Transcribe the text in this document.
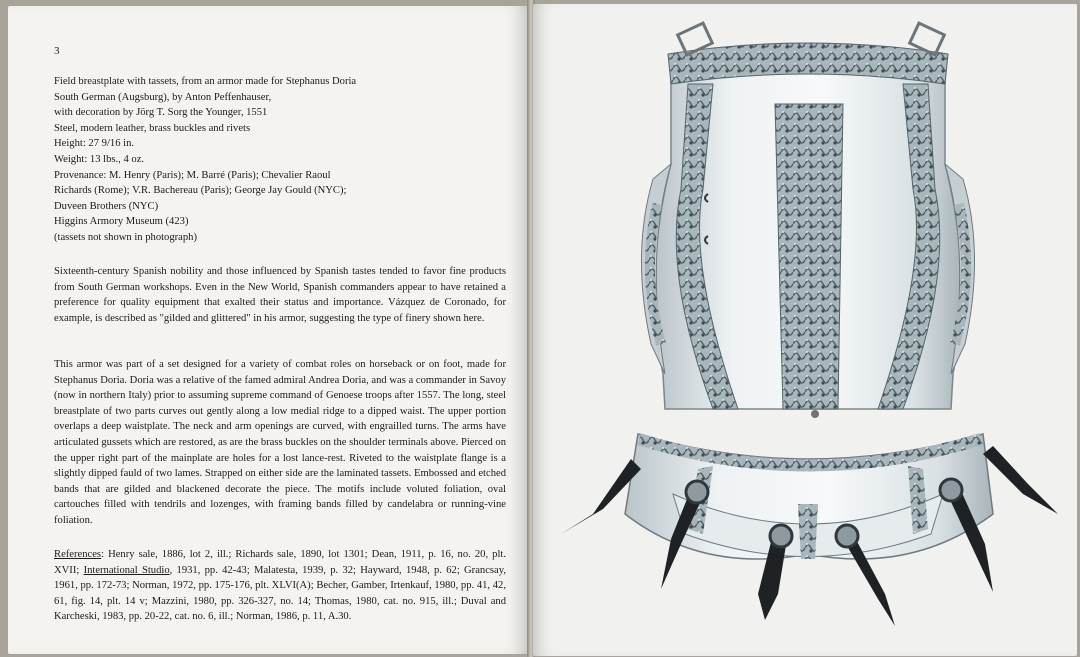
3
Field breastplate with tassets, from an armor made for Stephanus Doria
South German (Augsburg), by Anton Peffenhauser,
with decoration by Jörg T. Sorg the Younger, 1551
Steel, modern leather, brass buckles and rivets
Height: 27 9/16 in.
Weight: 13 lbs., 4 oz.
Provenance: M. Henry (Paris); M. Barré (Paris); Chevalier Raoul
Richards (Rome); V.R. Bachereau (Paris); George Jay Gould (NYC);
Duveen Brothers (NYC)
Higgins Armory Museum (423)
(tassets not shown in photograph)
Sixteenth-century Spanish nobility and those influenced by Spanish tastes tended to favor fine products from South German workshops. Even in the New World, Spanish commanders appear to have retained a preference for quality equipment that exalted their status and importance. Vázquez de Coronado, for example, is described as "gilded and glittered" in his armor, suggesting the type of finery shown here.
This armor was part of a set designed for a variety of combat roles on horseback or on foot, made for Stephanus Doria. Doria was a relative of the famed admiral Andrea Doria, and was a commander in Savoy (now in northern Italy) prior to assuming supreme command of Genoese troops after 1557. The long, steel breastplate of two parts curves out gently along a low medial ridge to a dipped waist. The upper portion overlaps a deep waistplate. The neck and arm openings are curved, with engrailled turns. The arms have articulated gussets which are restored, as are the brass buckles on the shoulder terminals above. Pierced on the upper right part of the mainplate are holes for a lost lance-rest. Riveted to the waistplate flange is a slightly dipped fauld of two lames. Strapped on either side are the laminated tassets. Embossed and etched bands that are gilded and blackened decorate the piece. The motifs include voluted foliation, oval cartouches filled with tendrils and lozenges, with framing bands filled by candelabra or running-vine foliation.
References: Henry sale, 1886, lot 2, ill.; Richards sale, 1890, lot 1301; Dean, 1911, p. 16, no. 20, plt. XVII; International Studio, 1931, pp. 42-43; Malatesta, 1939, p. 32; Hayward, 1948, p. 62; Grancsay, 1961, pp. 172-73; Norman, 1972, pp. 175-176, plt. XLVI(A); Becher, Gamber, Irtenkauf, 1980, pp. 41, 42, 61, fig. 14, plt. 14 v; Mazzini, 1980, pp. 326-327, no. 14; Thomas, 1980, cat. no. 915, ill.; Duval and Karcheski, 1983, pp. 20-22, cat. no. 6, ill.; Norman, 1986, p. 11, A.30.
